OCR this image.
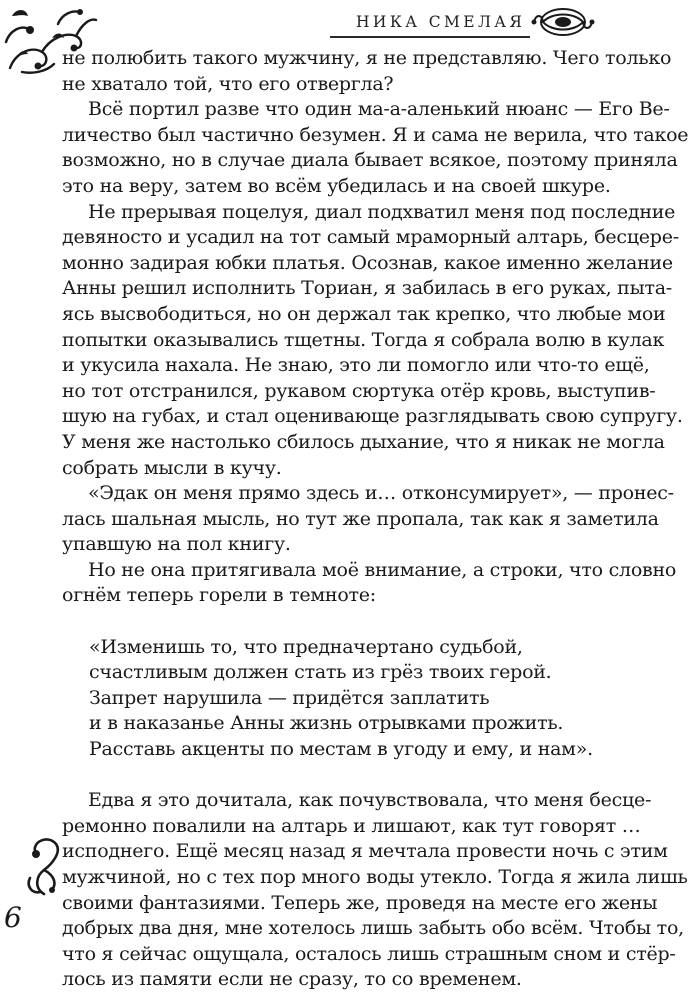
НИКА СМЕЛАЯ
не полюбить такого мужчину, я не представляю. Чего только
не хватало той, что его отвергла?
Всё портил разве что один ма-а-аленький нюанс — Его Ве-
личество был частично безумен. Я и сама не верила, что такое
возможно, но в случае диала бывает всякое, поэтому приняла
это на веру, затем во всём убедилась и на своей шкуре.
Не прерывая поцелуя, диал подхватил меня под последние
девяносто и усадил на тот самый мраморный алтарь, бесцере-
монно задирая юбки платья. Осознав, какое именно желание
Анны решил исполнить Ториан, я забилась в его руках, пыта-
ясь высвободиться, но он держал так крепко, что любые мои
попытки оказывались тщетны. Тогда я собрала волю в кулак
и укусила нахала. Не знаю, это ли помогло или что-то ещё,
но тот отстранился, рукавом сюртука отёр кровь, выступив-
шую на губах, и стал оценивающе разглядывать свою супругу.
У меня же настолько сбилось дыхание, что я никак не могла
собрать мысли в кучу.
«Эдак он меня прямо здесь и… отконсумирует», — пронес-
лась шальная мысль, но тут же пропала, так как я заметила
упавшую на пол книгу.
Но не она притягивала моё внимание, а строки, что словно
огнём теперь горели в темноте:
«Изменишь то, что предначертано судьбой,
счастливым должен стать из грёз твоих герой.
Запрет нарушила — придётся заплатить
и в наказанье Анны жизнь отрывками прожить.
Расставь акценты по местам в угоду и ему, и нам».
Едва я это дочитала, как почувствовала, что меня бесце-
ремонно повалили на алтарь и лишают, как тут говорят …
исподнего. Ещё месяц назад я мечтала провести ночь с этим
мужчиной, но с тех пор много воды утекло. Тогда я жила лишь
своими фантазиями. Теперь же, проведя на месте его жены
добрых два дня, мне хотелось лишь забыть обо всём. Чтобы то,
что я сейчас ощущала, осталось лишь страшным сном и стёр-
лось из памяти если не сразу, то со временем.
6
